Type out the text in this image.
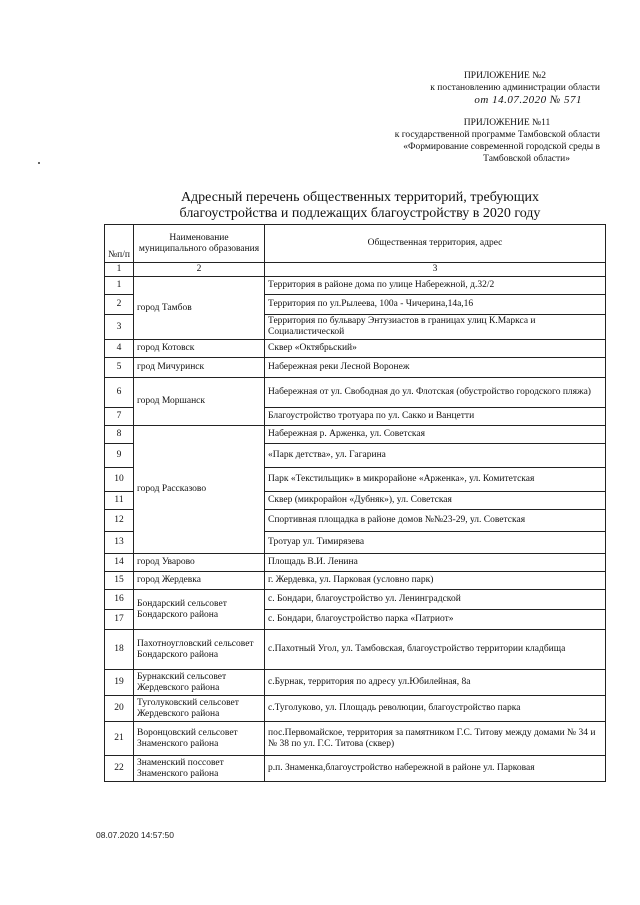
ПРИЛОЖЕНИЕ №2
к постановлению администрации области
от 14.07.2020 № 571
ПРИЛОЖЕНИЕ №11
к государственной программе Тамбовской области
«Формирование современной городской среды в
Тамбовской области»
Адресный перечень общественных территорий, требующих
благоустройства и подлежащих благоустройству в 2020 году
№п/п	Наименование муниципального образования	Общественная территория, адрес
1	2	3
1	город Тамбов	Территория в районе дома по улице Набережной, д.32/2
2		Территория по ул.Рылеева, 100а - Чичерина,14а,16
3		Территория по бульвару Энтузиастов в границах улиц К.Маркса и Социалистической
4	город Котовск	Сквер «Октябрьский»
5	грод Мичуринск	Набережная реки Лесной Воронеж
6	город Моршанск	Набережная от ул. Свободная до ул. Флотская (обустройство городского пляжа)
7		Благоустройство тротуара по ул. Сакко и Ванцетти
8	город Рассказово	Набережная р. Арженка, ул. Советская
9		«Парк детства», ул. Гагарина
10		Парк «Текстильщик» в микрорайоне «Арженка», ул. Комитетская
11		Сквер (микрорайон «Дубняк»), ул. Советская
12		Спортивная площадка в районе домов №№23-29, ул. Советская
13		Тротуар ул. Тимирязева
14	город Уварово	Площадь В.И. Ленина
15	город Жердевка	г. Жердевка, ул. Парковая (условно парк)
16	Бондарский сельсовет Бондарского района	с. Бондари, благоустройство ул. Ленинградской
17		с. Бондари, благоустройство парка «Патриот»
18	Пахотноугловский сельсовет Бондарского района	с.Пахотный Угол, ул. Тамбовская, благоустройство территории кладбища
19	Бурнакский сельсовет Жердевского района	с.Бурнак, территория по адресу ул.Юбилейная, 8а
20	Туголуковский сельсовет Жердевского района	с.Туголуково, ул. Площадь революции, благоустройство парка
21	Воронцовский сельсовет Знаменского района	пос.Первомайское, территория за памятником Г.С. Титову между домами № 34 и № 38 по ул. Г.С. Титова (сквер)
22	Знаменский поссовет Знаменского района	р.п. Знаменка,благоустройство набережной в районе ул. Парковая
08.07.2020 14:57:50
